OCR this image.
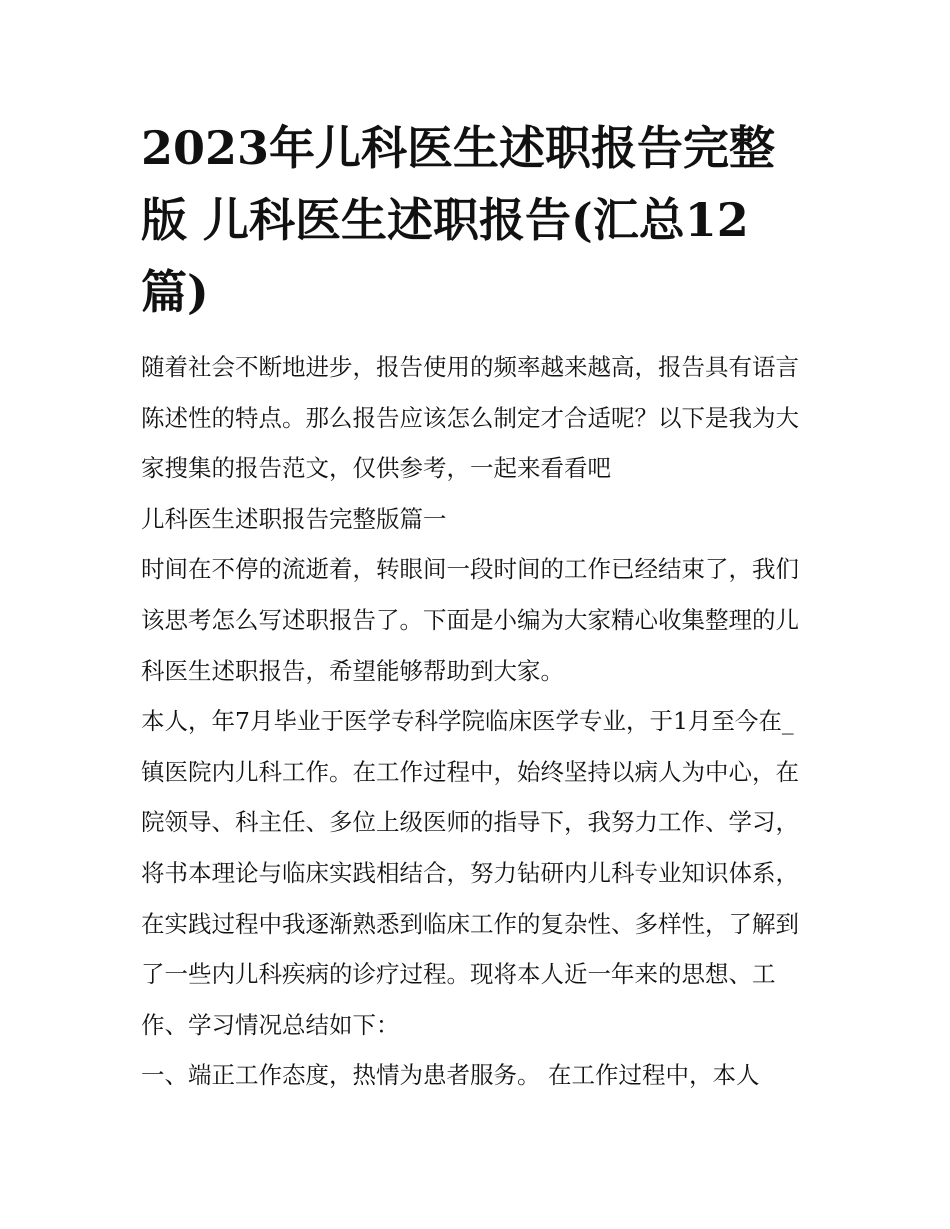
2023年儿科医生述职报告完整版 儿科医生述职报告(汇总12篇)

随着社会不断地进步，报告使用的频率越来越高，报告具有语言陈述性的特点。那么报告应该怎么制定才合适呢？以下是我为大家搜集的报告范文，仅供参考，一起来看看吧

儿科医生述职报告完整版篇一

时间在不停的流逝着，转眼间一段时间的工作已经结束了，我们该思考怎么写述职报告了。下面是小编为大家精心收集整理的儿科医生述职报告，希望能够帮助到大家。

本人，年7月毕业于医学专科学院临床医学专业，于1月至今在_镇医院内儿科工作。在工作过程中，始终坚持以病人为中心，在院领导、科主任、多位上级医师的指导下，我努力工作、学习，将书本理论与临床实践相结合，努力钻研内儿科专业知识体系，在实践过程中我逐渐熟悉到临床工作的复杂性、多样性，了解到了一些内儿科疾病的诊疗过程。现将本人近一年来的思想、工作、学习情况总结如下：

一、端正工作态度，热情为患者服务。 在工作过程中，本人
